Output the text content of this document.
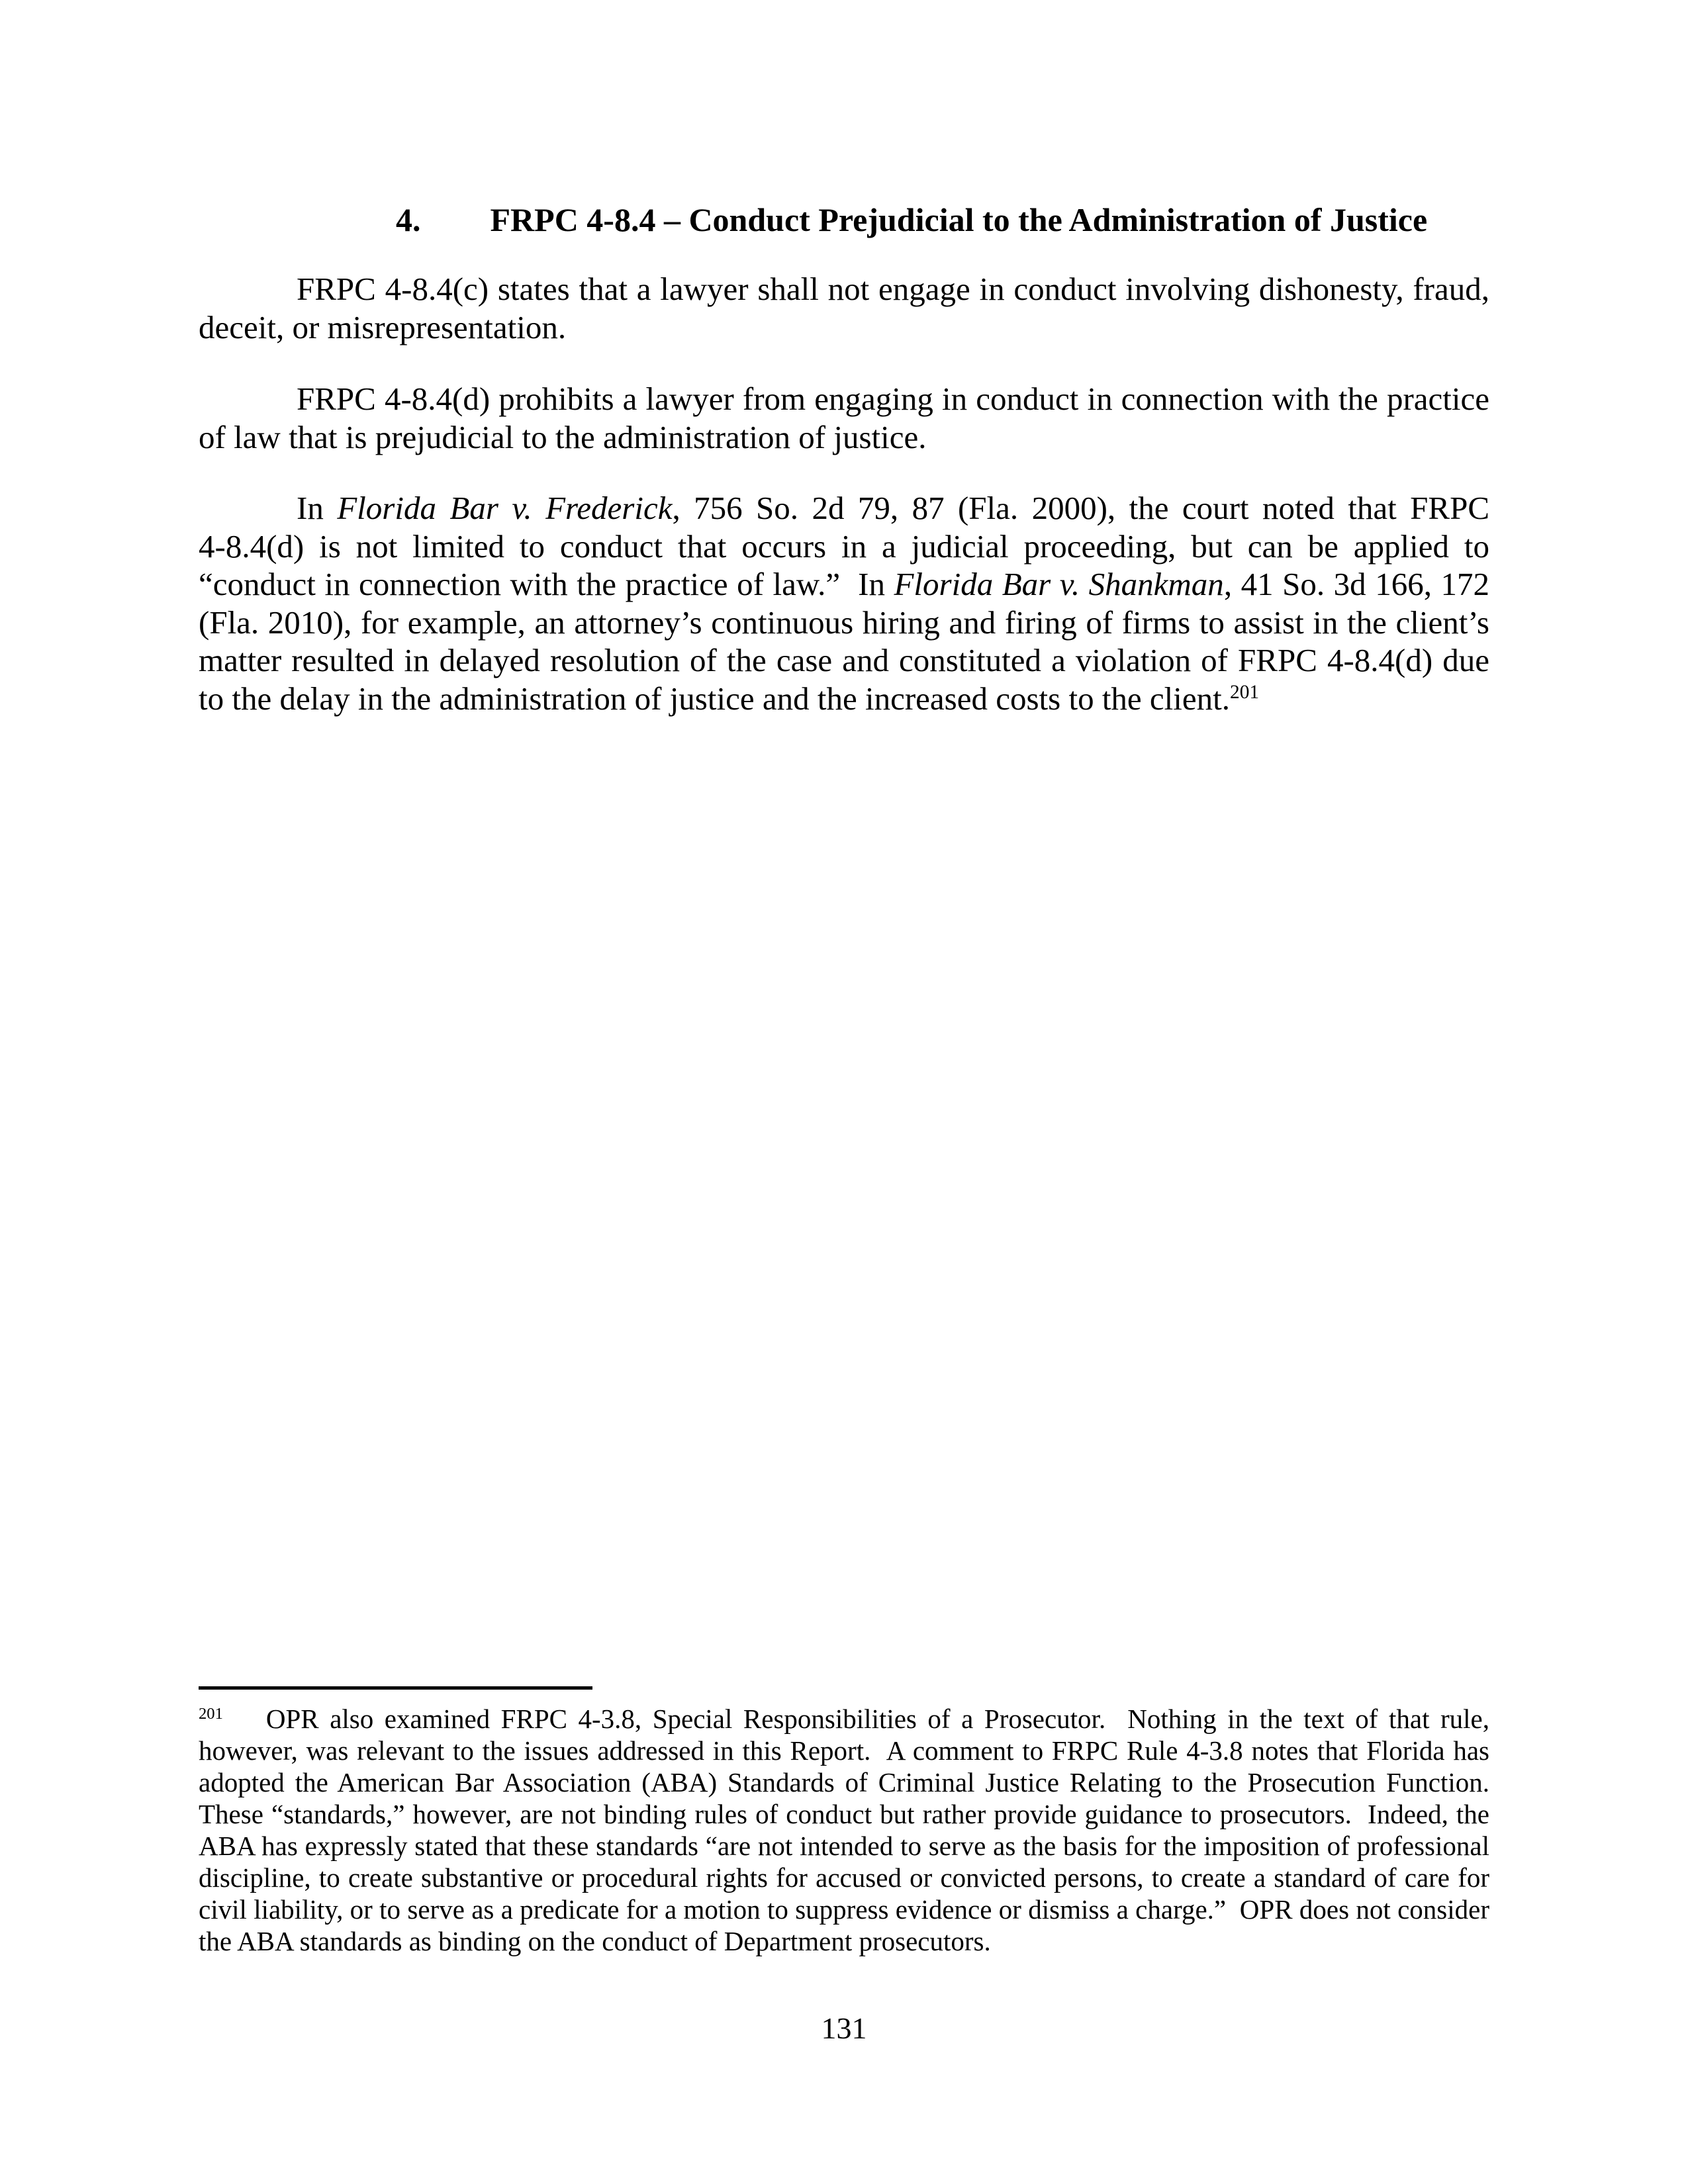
4. FRPC 4-8.4 – Conduct Prejudicial to the Administration of Justice
FRPC 4-8.4(c) states that a lawyer shall not engage in conduct involving dishonesty, fraud,
deceit, or misrepresentation.
FRPC 4-8.4(d) prohibits a lawyer from engaging in conduct in connection with the practice
of law that is prejudicial to the administration of justice.
In Florida Bar v. Frederick, 756 So. 2d 79, 87 (Fla. 2000), the court noted that FRPC
4-8.4(d) is not limited to conduct that occurs in a judicial proceeding, but can be applied to
“conduct in connection with the practice of law.”  In Florida Bar v. Shankman, 41 So. 3d 166, 172
(Fla. 2010), for example, an attorney’s continuous hiring and firing of firms to assist in the client’s
matter resulted in delayed resolution of the case and constituted a violation of FRPC 4-8.4(d) due
to the delay in the administration of justice and the increased costs to the client.$^{201}$
$^{201}$ OPR also examined FRPC 4-3.8, Special Responsibilities of a Prosecutor.  Nothing in the text of that rule,
however, was relevant to the issues addressed in this Report.  A comment to FRPC Rule 4-3.8 notes that Florida has
adopted the American Bar Association (ABA) Standards of Criminal Justice Relating to the Prosecution Function.
These “standards,” however, are not binding rules of conduct but rather provide guidance to prosecutors.  Indeed, the
ABA has expressly stated that these standards “are not intended to serve as the basis for the imposition of professional
discipline, to create substantive or procedural rights for accused or convicted persons, to create a standard of care for
civil liability, or to serve as a predicate for a motion to suppress evidence or dismiss a charge.”  OPR does not consider
the ABA standards as binding on the conduct of Department prosecutors.
131
